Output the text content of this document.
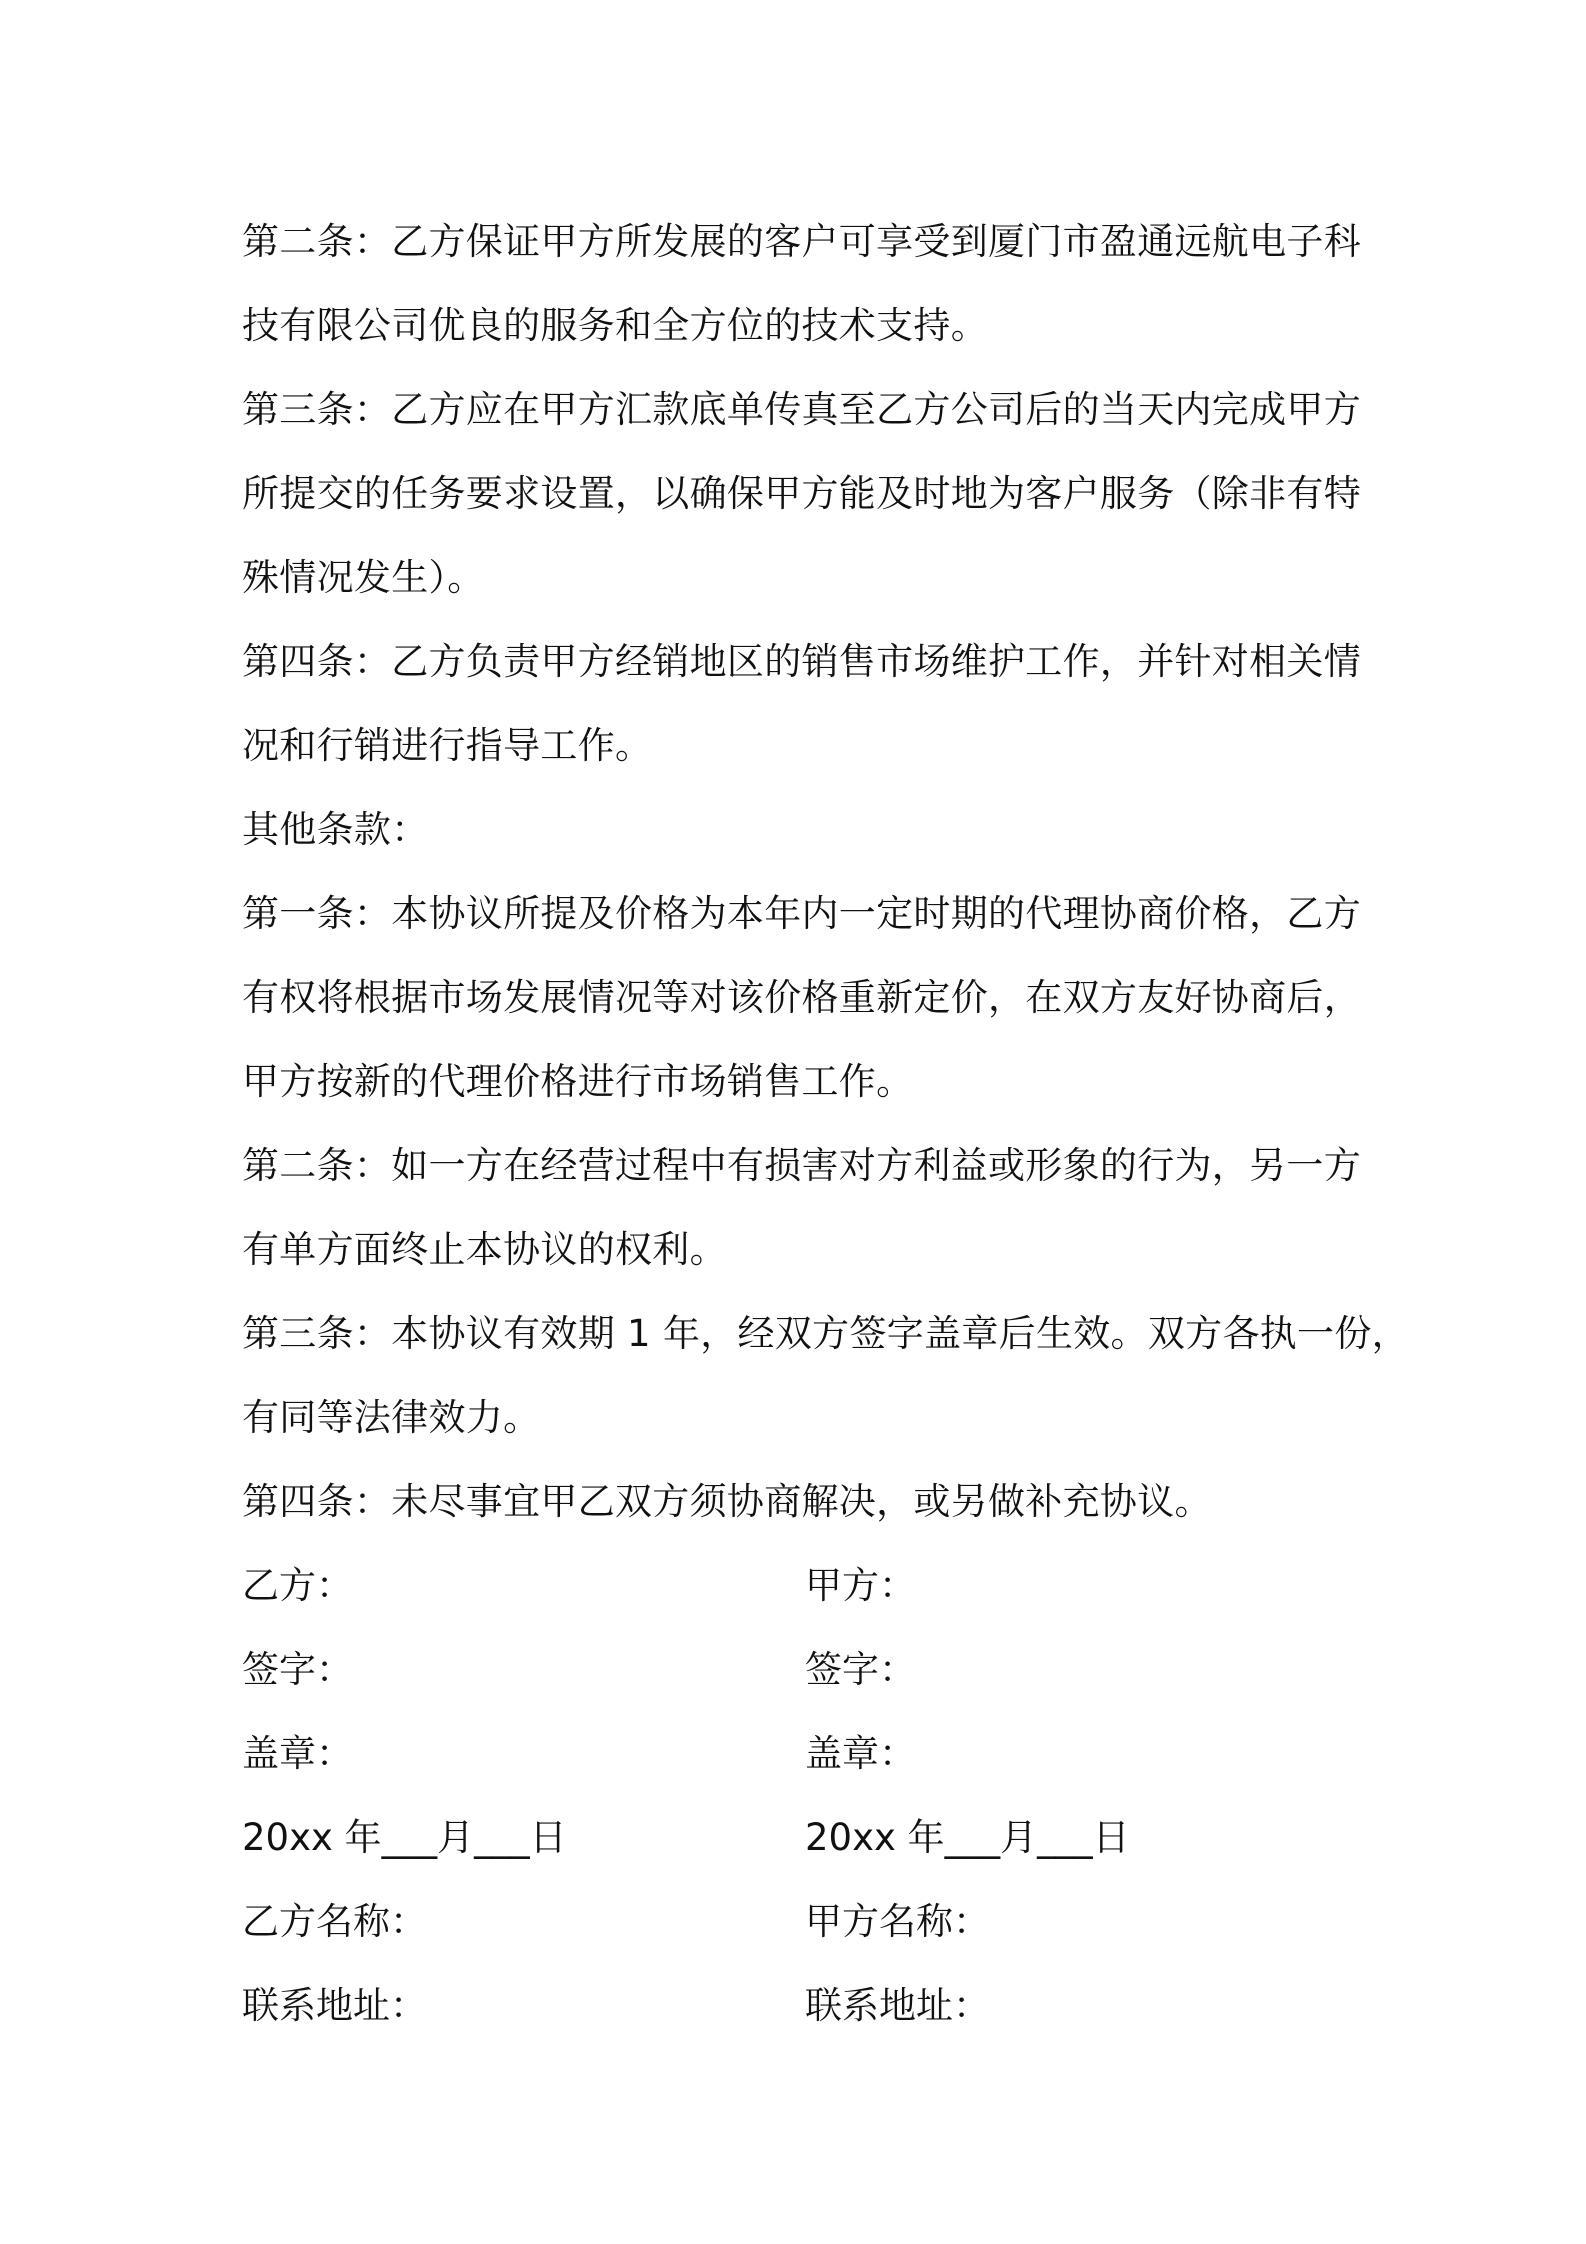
第二条：乙方保证甲方所发展的客户可享受到厦门市盈通远航电子科
技有限公司优良的服务和全方位的技术支持。
第三条：乙方应在甲方汇款底单传真至乙方公司后的当天内完成甲方
所提交的任务要求设置，以确保甲方能及时地为客户服务（除非有特
殊情况发生）。
第四条：乙方负责甲方经销地区的销售市场维护工作，并针对相关情
况和行销进行指导工作。
其他条款：
第一条：本协议所提及价格为本年内一定时期的代理协商价格，乙方
有权将根据市场发展情况等对该价格重新定价，在双方友好协商后，
甲方按新的代理价格进行市场销售工作。
第二条：如一方在经营过程中有损害对方利益或形象的行为，另一方
有单方面终止本协议的权利。
第三条：本协议有效期 1 年，经双方签字盖章后生效。双方各执一份，
有同等法律效力。
第四条：未尽事宜甲乙双方须协商解决，或另做补充协议。
乙方：	甲方：
签字：	签字：
盖章：	盖章：
20xx 年___月___日	20xx 年___月___日
乙方名称：	甲方名称：
联系地址：	联系地址：
